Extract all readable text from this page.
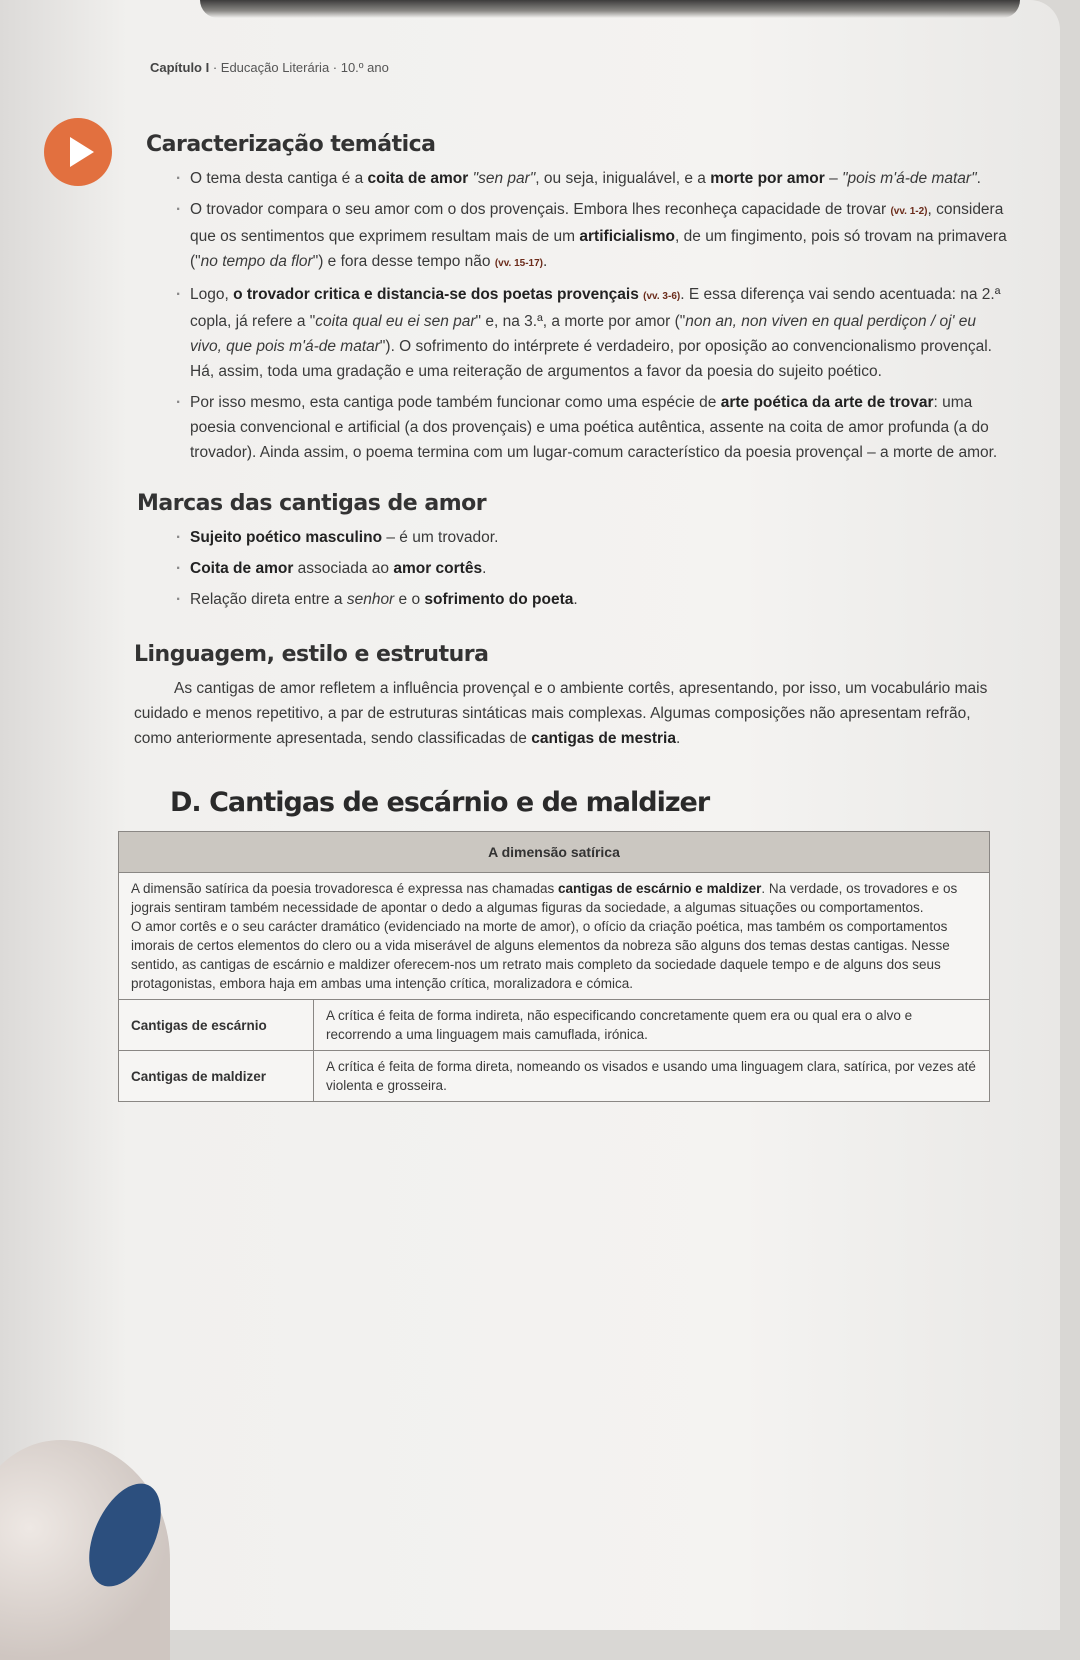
Capítulo I · Educação Literária · 10.º ano
Caracterização temática
· O tema desta cantiga é a coita de amor "sen par", ou seja, inigualável, e a morte por amor – "pois m'á-de matar".
· O trovador compara o seu amor com o dos provençais. Embora lhes reconheça capacidade de trovar (vv. 1-2), considera que os sentimentos que exprimem resultam mais de um artificialismo, de um fingimento, pois só trovam na primavera ("no tempo da flor") e fora desse tempo não (vv. 15-17).
· Logo, o trovador critica e distancia-se dos poetas provençais (vv. 3-6). E essa diferença vai sendo acentuada: na 2.ª copla, já refere a "coita qual eu ei sen par" e, na 3.ª, a morte por amor ("non an, non viven en qual perdiçon / oj' eu vivo, que pois m'á-de matar"). O sofrimento do intérprete é verdadeiro, por oposição ao convencionalismo provençal. Há, assim, toda uma gradação e uma reiteração de argumentos a favor da poesia do sujeito poético.
· Por isso mesmo, esta cantiga pode também funcionar como uma espécie de arte poética da arte de trovar: uma poesia convencional e artificial (a dos provençais) e uma poética autêntica, assente na coita de amor profunda (a do trovador). Ainda assim, o poema termina com um lugar-comum característico da poesia provençal – a morte de amor.
Marcas das cantigas de amor
· Sujeito poético masculino – é um trovador.
· Coita de amor associada ao amor cortês.
· Relação direta entre a senhor e o sofrimento do poeta.
Linguagem, estilo e estrutura

As cantigas de amor refletem a influência provençal e o ambiente cortês, apresentando, por isso, um vocabulário mais cuidado e menos repetitivo, a par de estruturas sintáticas mais complexas. Algumas composições não apresentam refrão, como anteriormente apresentada, sendo classificadas de cantigas de mestria.

D. Cantigas de escárnio e de maldizer
A dimensão satírica	

A dimensão satírica da poesia trovadoresca é expressa nas chamadas cantigas de escárnio e maldizer. Na verdade, os trovadores e os jograis sentiram também necessidade de apontar o dedo a algumas figuras da sociedade, a algumas situações ou comportamentos.

O amor cortês e o seu carácter dramático (evidenciado na morte de amor), o ofício da criação poética, mas também os comportamentos imorais de certos elementos do clero ou a vida miserável de alguns elementos da nobreza são alguns dos temas destas cantigas. Nesse sentido, as cantigas de escárnio e maldizer oferecem-nos um retrato mais completo da sociedade daquele tempo e de alguns dos seus protagonistas, embora haja em ambas uma intenção crítica, moralizadora e cómica.	

Cantigas de escárnio	A crítica é feita de forma indireta, não especificando concretamente quem era ou qual era o alvo e recorrendo a uma linguagem mais camuflada, irónica.
Cantigas de maldizer	A crítica é feita de forma direta, nomeando os visados e usando uma linguagem clara, satírica, por vezes até violenta e grosseira.
